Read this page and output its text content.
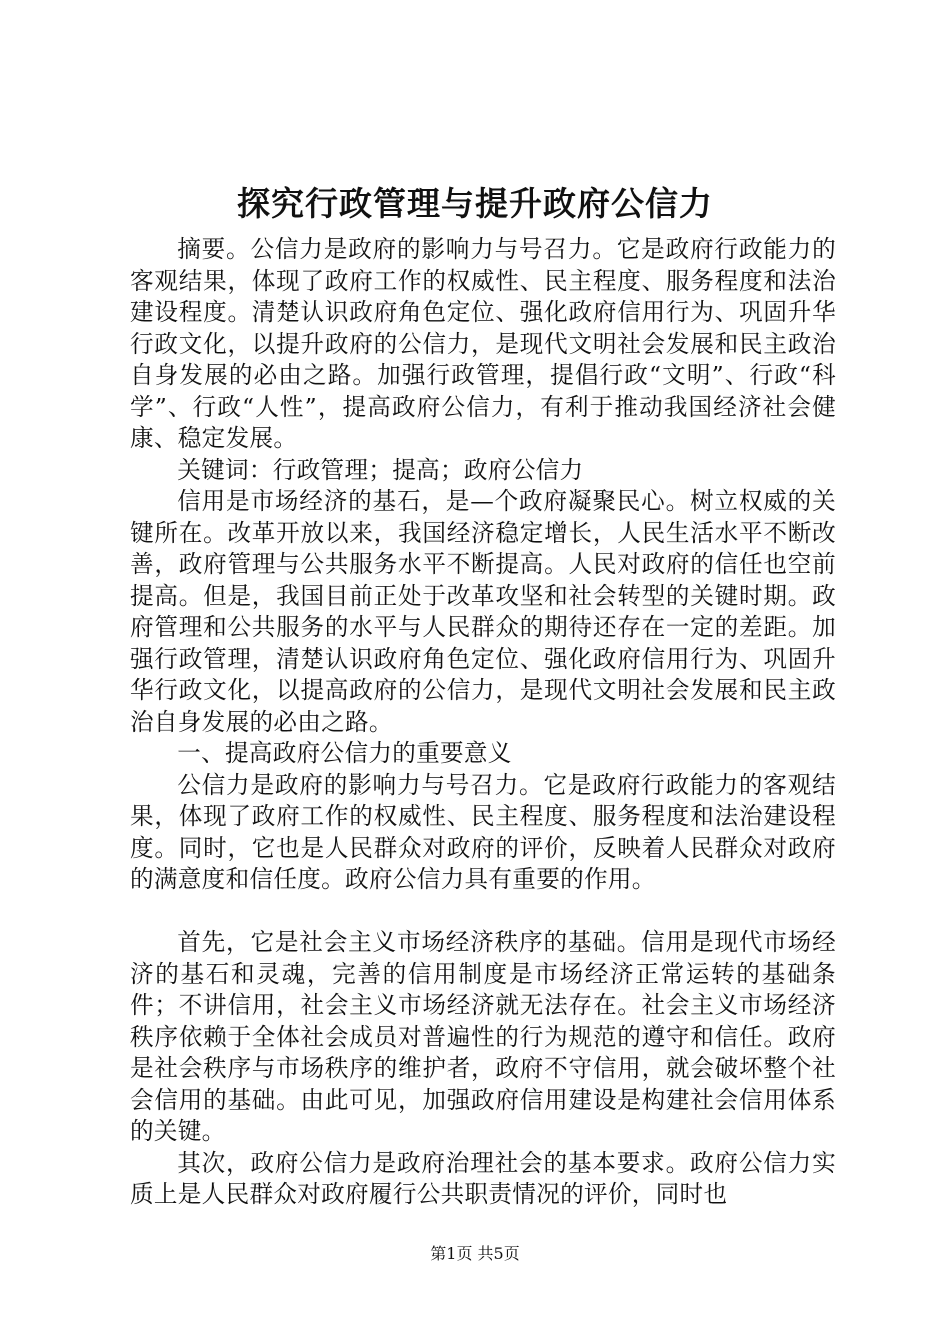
探究行政管理与提升政府公信力

摘要。公信力是政府的影响力与号召力。它是政府行政能力的客观结果，体现了政府工作的权威性、民主程度、服务程度和法治建设程度。清楚认识政府角色定位、强化政府信用行为、巩固升华行政文化，以提升政府的公信力，是现代文明社会发展和民主政治自身发展的必由之路。加强行政管理，提倡行政“文明”、行政“科学”、行政“人性”，提高政府公信力，有利于推动我国经济社会健康、稳定发展。

关键词：行政管理；提高；政府公信力

信用是市场经济的基石，是—个政府凝聚民心。树立权威的关键所在。改革开放以来，我国经济稳定增长，人民生活水平不断改善，政府管理与公共服务水平不断提高。人民对政府的信任也空前提高。但是，我国目前正处于改革攻坚和社会转型的关键时期。政府管理和公共服务的水平与人民群众的期待还存在一定的差距。加强行政管理，清楚认识政府角色定位、强化政府信用行为、巩固升华行政文化，以提高政府的公信力，是现代文明社会发展和民主政治自身发展的必由之路。

一、提高政府公信力的重要意义

公信力是政府的影响力与号召力。它是政府行政能力的客观结果，体现了政府工作的权威性、民主程度、服务程度和法治建设程度。同时，它也是人民群众对政府的评价，反映着人民群众对政府的满意度和信任度。政府公信力具有重要的作用。

首先，它是社会主义市场经济秩序的基础。信用是现代市场经济的基石和灵魂，完善的信用制度是市场经济正常运转的基础条件；不讲信用，社会主义市场经济就无法存在。社会主义市场经济秩序依赖于全体社会成员对普遍性的行为规范的遵守和信任。政府是社会秩序与市场秩序的维护者，政府不守信用，就会破坏整个社会信用的基础。由此可见，加强政府信用建设是构建社会信用体系的关键。

其次，政府公信力是政府治理社会的基本要求。政府公信力实质上是人民群众对政府履行公共职责情况的评价，同时也

第1页 共5页
